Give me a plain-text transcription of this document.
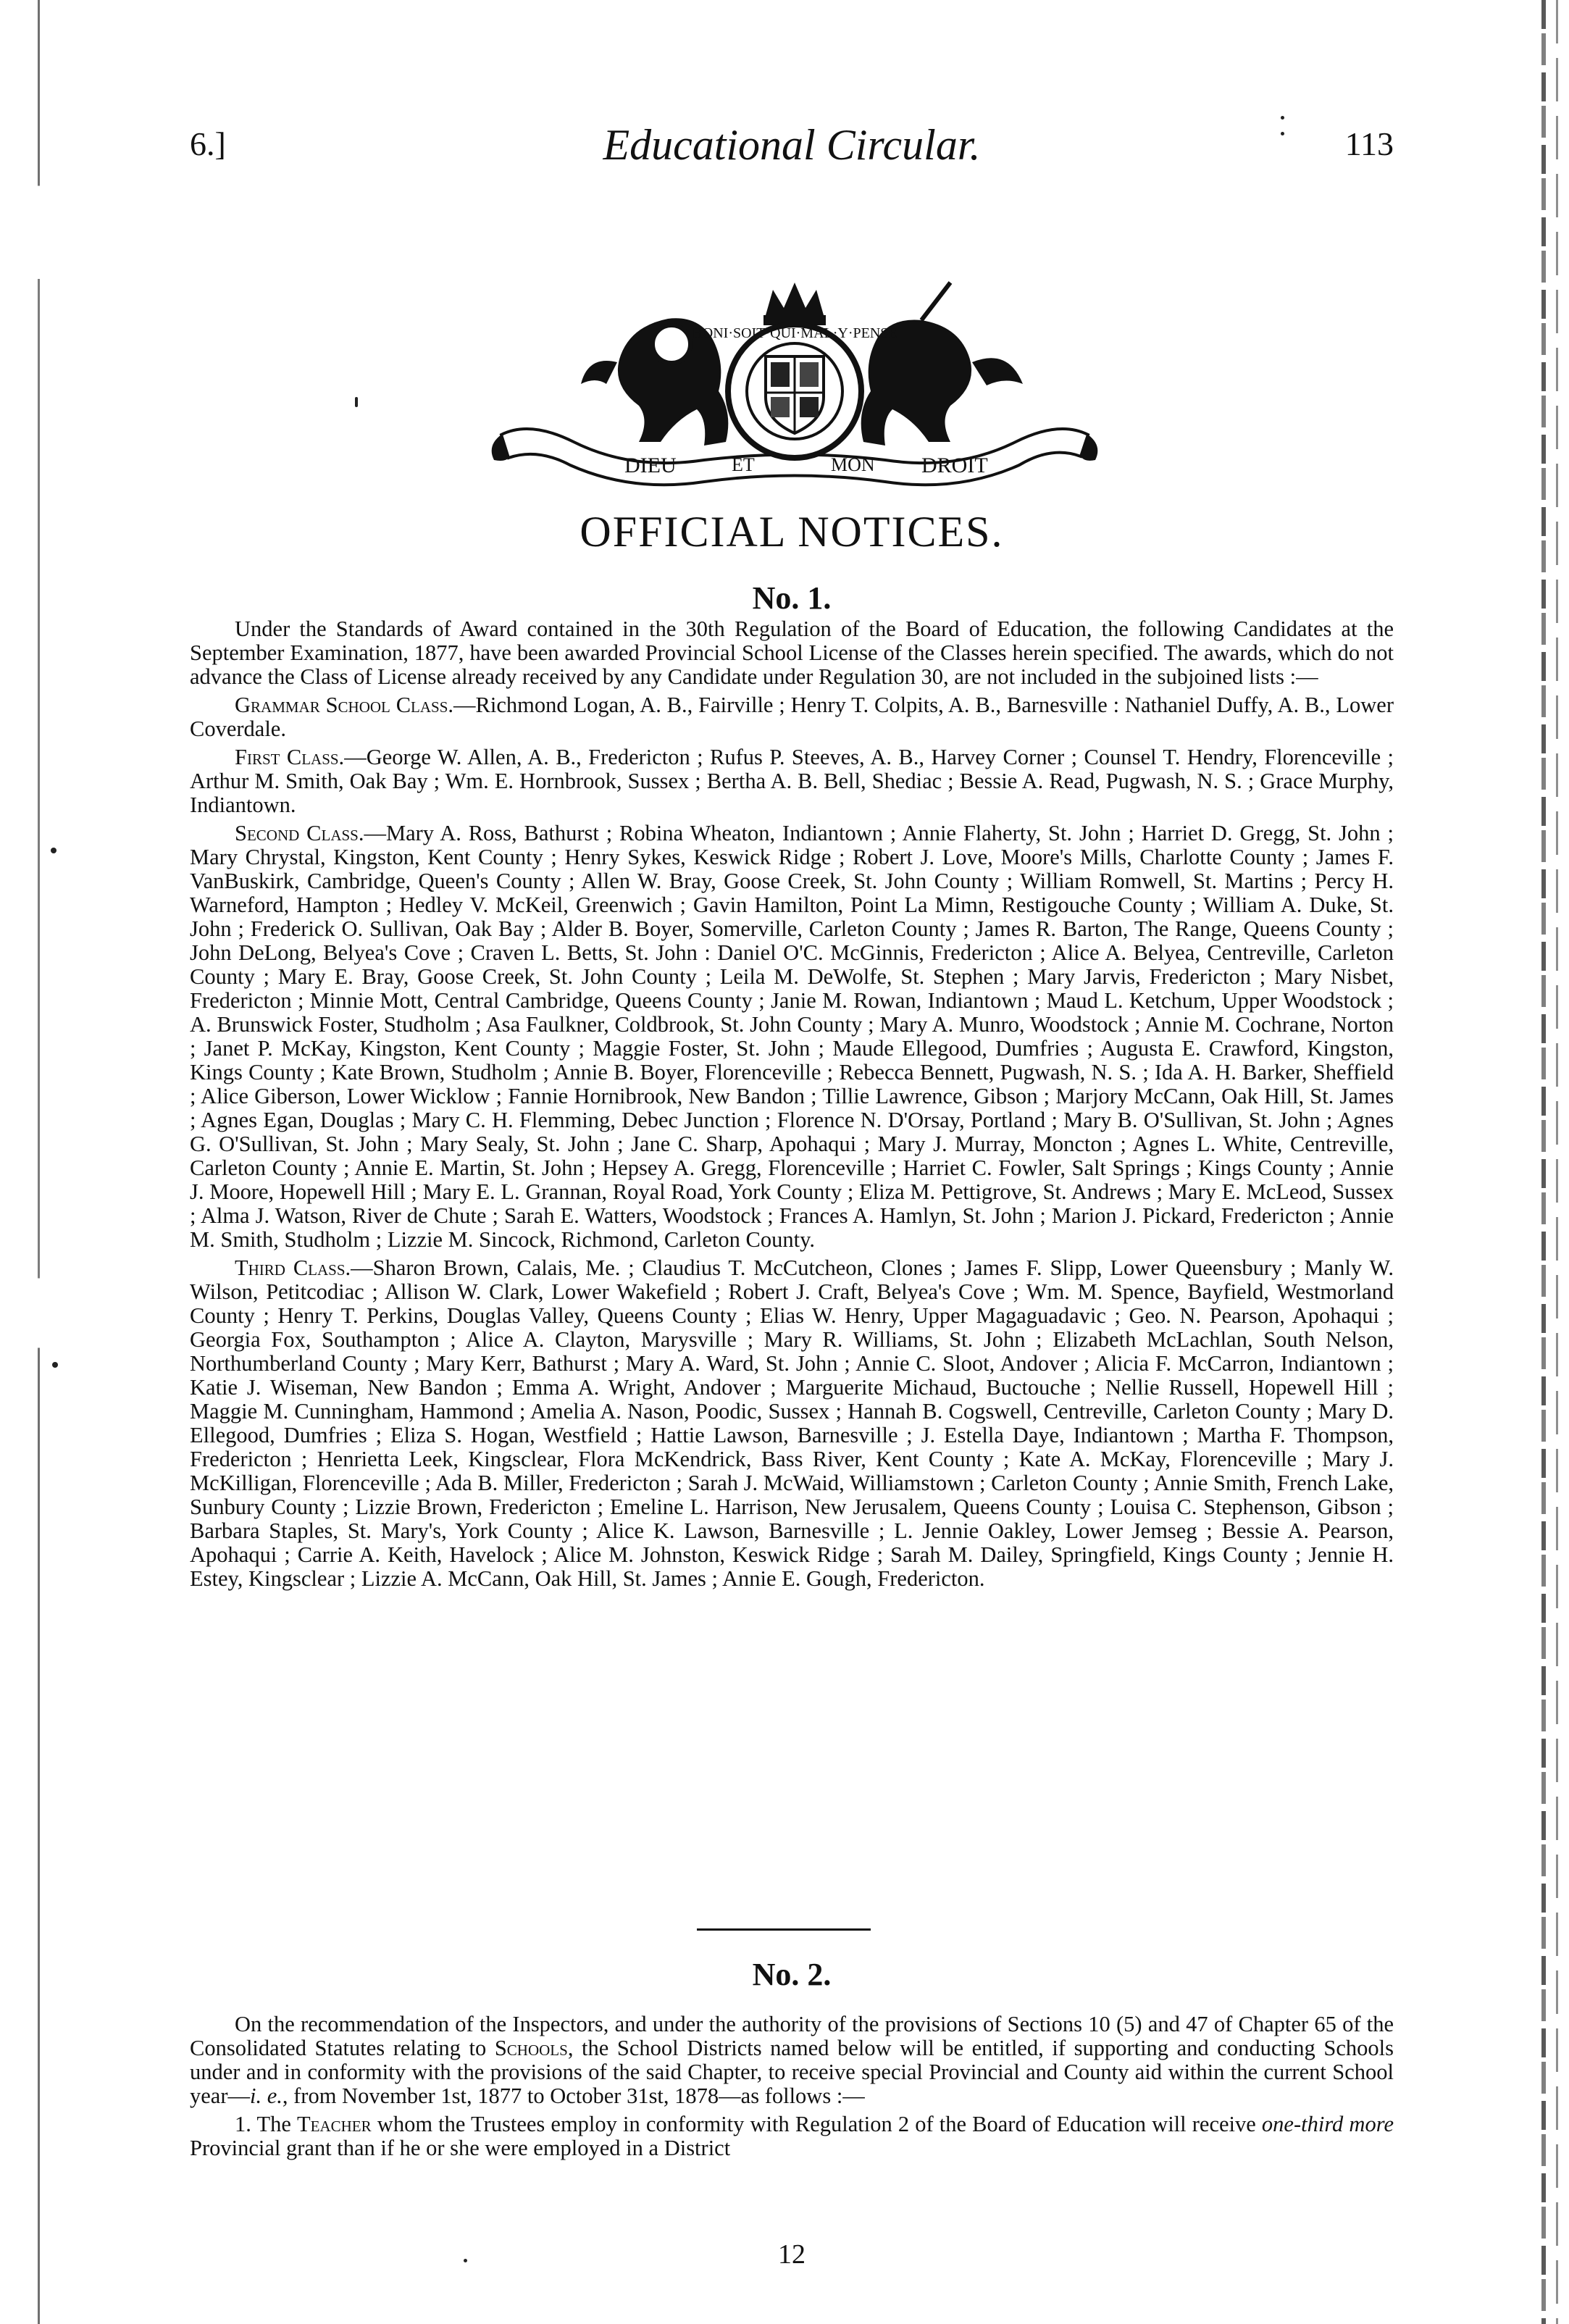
6.]	Educational Circular.	113
HONI·SOIT·QUI·MAL·Y·PENSE
DIEU	ET	MON DROIT
OFFICIAL NOTICES.
No. 1.

Under the Standards of Award contained in the 30th Regulation of the Board of Education, the following Candidates at the September Examination, 1877, have been awarded Provincial School License of the Classes herein specified. The awards, which do not advance the Class of License already received by any Candidate under Regulation 30, are not included in the subjoined lists :—

Grammar School Class.—Richmond Logan, A. B., Fairville ; Henry T. Colpits, A. B., Barnesville : Nathaniel Duffy, A. B., Lower Coverdale.

First Class.—George W. Allen, A. B., Fredericton ; Rufus P. Steeves, A. B., Harvey Corner ; Counsel T. Hendry, Florenceville ; Arthur M. Smith, Oak Bay ; Wm. E. Hornbrook, Sussex ; Bertha A. B. Bell, Shediac ; Bessie A. Read, Pugwash, N. S. ; Grace Murphy, Indiantown.

Second Class.—Mary A. Ross, Bathurst ; Robina Wheaton, Indiantown ; Annie Flaherty, St. John ; Harriet D. Gregg, St. John ; Mary Chrystal, Kingston, Kent County ; Henry Sykes, Keswick Ridge ; Robert J. Love, Moore's Mills, Charlotte County ; James F. VanBuskirk, Cambridge, Queen's County ; Allen W. Bray, Goose Creek, St. John County ; William Romwell, St. Martins ; Percy H. Warneford, Hampton ; Hedley V. McKeil, Greenwich ; Gavin Hamilton, Point La Mimn, Restigouche County ; William A. Duke, St. John ; Frederick O. Sullivan, Oak Bay ; Alder B. Boyer, Somerville, Carleton County ; James R. Barton, The Range, Queens County ; John DeLong, Belyea's Cove ; Craven L. Betts, St. John : Daniel O'C. McGinnis, Fredericton ; Alice A. Belyea, Centreville, Carleton County ; Mary E. Bray, Goose Creek, St. John County ; Leila M. DeWolfe, St. Stephen ; Mary Jarvis, Fredericton ; Mary Nisbet, Fredericton ; Minnie Mott, Central Cambridge, Queens County ; Janie M. Rowan, Indiantown ; Maud L. Ketchum, Upper Woodstock ; A. Brunswick Foster, Studholm ; Asa Faulkner, Coldbrook, St. John County ; Mary A. Munro, Woodstock ; Annie M. Cochrane, Norton ; Janet P. McKay, Kingston, Kent County ; Maggie Foster, St. John ; Maude Ellegood, Dumfries ; Augusta E. Crawford, Kingston, Kings County ; Kate Brown, Studholm ; Annie B. Boyer, Florenceville ; Rebecca Bennett, Pugwash, N. S. ; Ida A. H. Barker, Sheffield ; Alice Giberson, Lower Wicklow ; Fannie Hornibrook, New Bandon ; Tillie Lawrence, Gibson ; Marjory McCann, Oak Hill, St. James ; Agnes Egan, Douglas ; Mary C. H. Flemming, Debec Junction ; Florence N. D'Orsay, Portland ; Mary B. O'Sullivan, St. John ; Agnes G. O'Sullivan, St. John ; Mary Sealy, St. John ; Jane C. Sharp, Apohaqui ; Mary J. Murray, Moncton ; Agnes L. White, Centreville, Carleton County ; Annie E. Martin, St. John ; Hepsey A. Gregg, Florenceville ; Harriet C. Fowler, Salt Springs ; Kings County ; Annie J. Moore, Hopewell Hill ; Mary E. L. Grannan, Royal Road, York County ; Eliza M. Pettigrove, St. Andrews ; Mary E. McLeod, Sussex ; Alma J. Watson, River de Chute ; Sarah E. Watters, Woodstock ; Frances A. Hamlyn, St. John ; Marion J. Pickard, Fredericton ; Annie M. Smith, Studholm ; Lizzie M. Sincock, Richmond, Carleton County.

Third Class.—Sharon Brown, Calais, Me. ; Claudius T. McCutcheon, Clones ; James F. Slipp, Lower Queensbury ; Manly W. Wilson, Petitcodiac ; Allison W. Clark, Lower Wakefield ; Robert J. Craft, Belyea's Cove ; Wm. M. Spence, Bayfield, Westmorland County ; Henry T. Perkins, Douglas Valley, Queens County ; Elias W. Henry, Upper Magaguadavic ; Geo. N. Pearson, Apohaqui ; Georgia Fox, Southampton ; Alice A. Clayton, Marysville ; Mary R. Williams, St. John ; Elizabeth McLachlan, South Nelson, Northumberland County ; Mary Kerr, Bathurst ; Mary A. Ward, St. John ; Annie C. Sloot, Andover ; Alicia F. McCarron, Indiantown ; Katie J. Wiseman, New Bandon ; Emma A. Wright, Andover ; Marguerite Michaud, Buctouche ; Nellie Russell, Hopewell Hill ; Maggie M. Cunningham, Hammond ; Amelia A. Nason, Poodic, Sussex ; Hannah B. Cogswell, Centreville, Carleton County ; Mary D. Ellegood, Dumfries ; Eliza S. Hogan, Westfield ; Hattie Lawson, Barnesville ; J. Estella Daye, Indiantown ; Martha F. Thompson, Fredericton ; Henrietta Leek, Kingsclear, Flora McKendrick, Bass River, Kent County ; Kate A. McKay, Florenceville ; Mary J. McKilligan, Florenceville ; Ada B. Miller, Fredericton ; Sarah J. McWaid, Williamstown ; Carleton County ; Annie Smith, French Lake, Sunbury County ; Lizzie Brown, Fredericton ; Emeline L. Harrison, New Jerusalem, Queens County ; Louisa C. Stephenson, Gibson ; Barbara Staples, St. Mary's, York County ; Alice K. Lawson, Barnesville ; L. Jennie Oakley, Lower Jemseg ; Bessie A. Pearson, Apohaqui ; Carrie A. Keith, Havelock ; Alice M. Johnston, Keswick Ridge ; Sarah M. Dailey, Springfield, Kings County ; Jennie H. Estey, Kingsclear ; Lizzie A. McCann, Oak Hill, St. James ; Annie E. Gough, Fredericton.

No. 2.

On the recommendation of the Inspectors, and under the authority of the provisions of Sections 10 (5) and 47 of Chapter 65 of the Consolidated Statutes relating to Schools, the School Districts named below will be entitled, if supporting and conducting Schools under and in conformity with the provisions of the said Chapter, to receive special Provincial and County aid within the current School year—i. e., from November 1st, 1877 to October 31st, 1878—as follows :—

1. The Teacher whom the Trustees employ in conformity with Regulation 2 of the Board of Education will receive one-third more Provincial grant than if he or she were employed in a District

12
